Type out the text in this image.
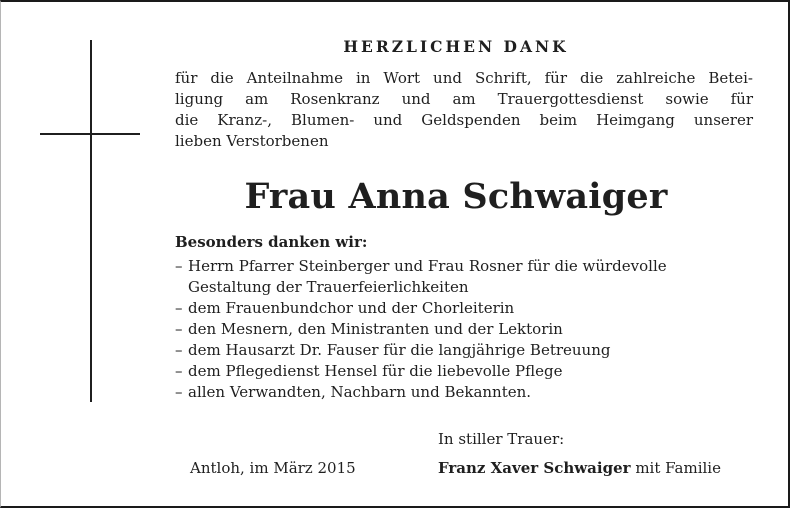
HERZLICHEN DANK

für die Anteilnahme in Wort und Schrift, für die zahlreiche Betei-
ligung am Rosenkranz und am Trauergottesdienst sowie für
die Kranz-, Blumen- und Geldspenden beim Heimgang unserer
lieben Verstorbenen

Frau Anna Schwaiger
Besonders danken wir:
– Herrn Pfarrer Steinberger und Frau Rosner für die würdevolle
Gestaltung der Trauerfeierlichkeiten
– dem Frauenbundchor und der Chorleiterin
– den Mesnern, den Ministranten und der Lektorin
– dem Hausarzt Dr. Fauser für die langjährige Betreuung
– dem Pflegedienst Hensel für die liebevolle Pflege
– allen Verwandten, Nachbarn und Bekannten.
In stiller Trauer:
Antloh, im März 2015	Franz Xaver Schwaiger mit Familie
